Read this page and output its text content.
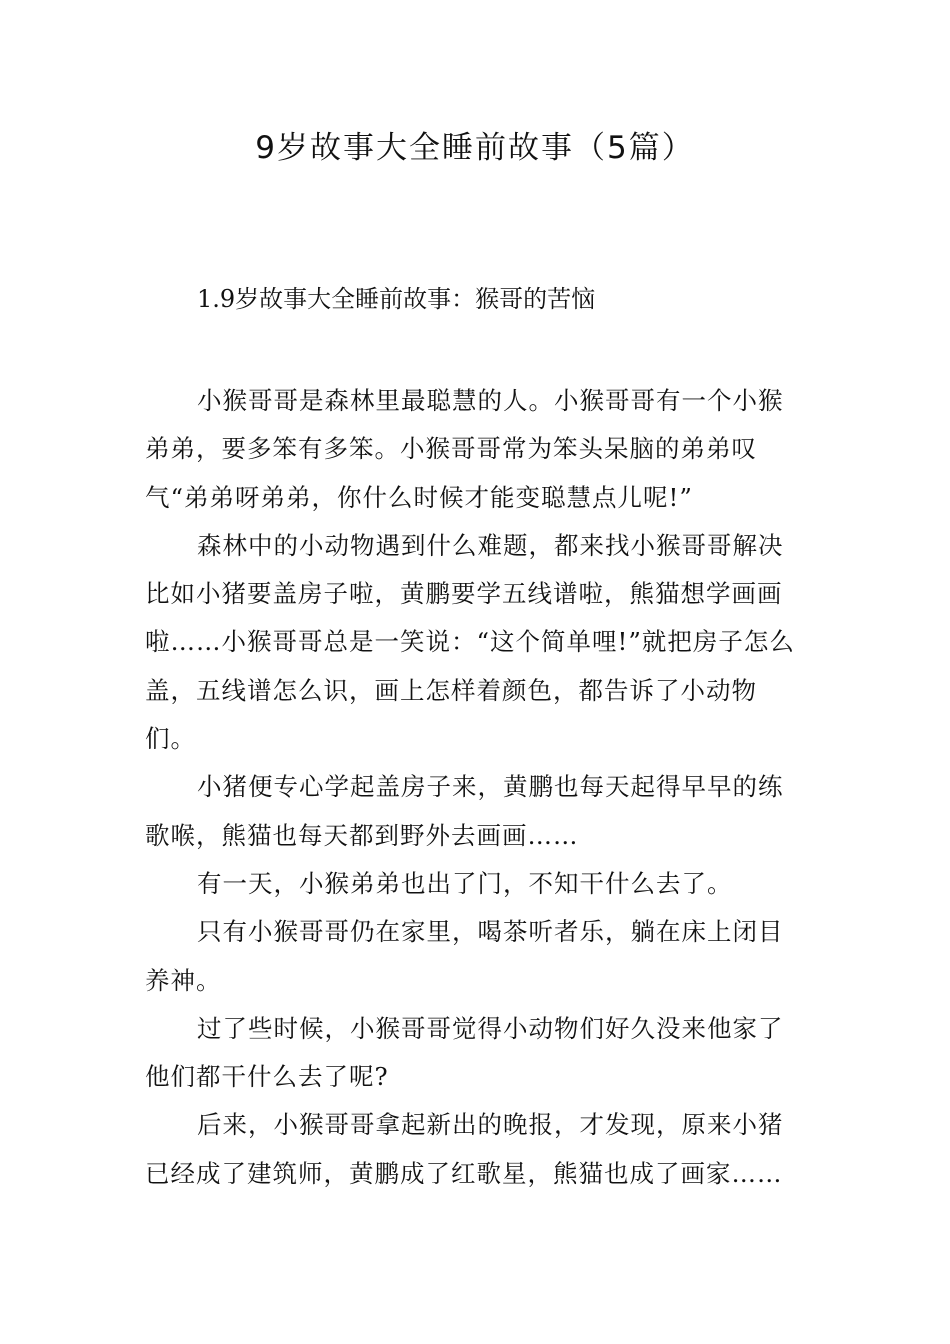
9岁故事大全睡前故事（5篇）
1.9岁故事大全睡前故事：猴哥的苦恼

小猴哥哥是森林里最聪慧的人。小猴哥哥有一个小猴弟弟，要多笨有多笨。小猴哥哥常为笨头呆脑的弟弟叹气“弟弟呀弟弟，你什么时候才能变聪慧点儿呢!”

森林中的小动物遇到什么难题，都来找小猴哥哥解决比如小猪要盖房子啦，黄鹏要学五线谱啦，熊猫想学画画啦……小猴哥哥总是一笑说：“这个简单哩!”就把房子怎么盖，五线谱怎么识，画上怎样着颜色，都告诉了小动物们。

小猪便专心学起盖房子来，黄鹏也每天起得早早的练歌喉，熊猫也每天都到野外去画画……

有一天，小猴弟弟也出了门，不知干什么去了。

只有小猴哥哥仍在家里，喝茶听者乐，躺在床上闭目养神。

过了些时候，小猴哥哥觉得小动物们好久没来他家了他们都干什么去了呢?

后来，小猴哥哥拿起新出的晚报，才发现，原来小猪已经成了建筑师，黄鹏成了红歌星，熊猫也成了画家……
